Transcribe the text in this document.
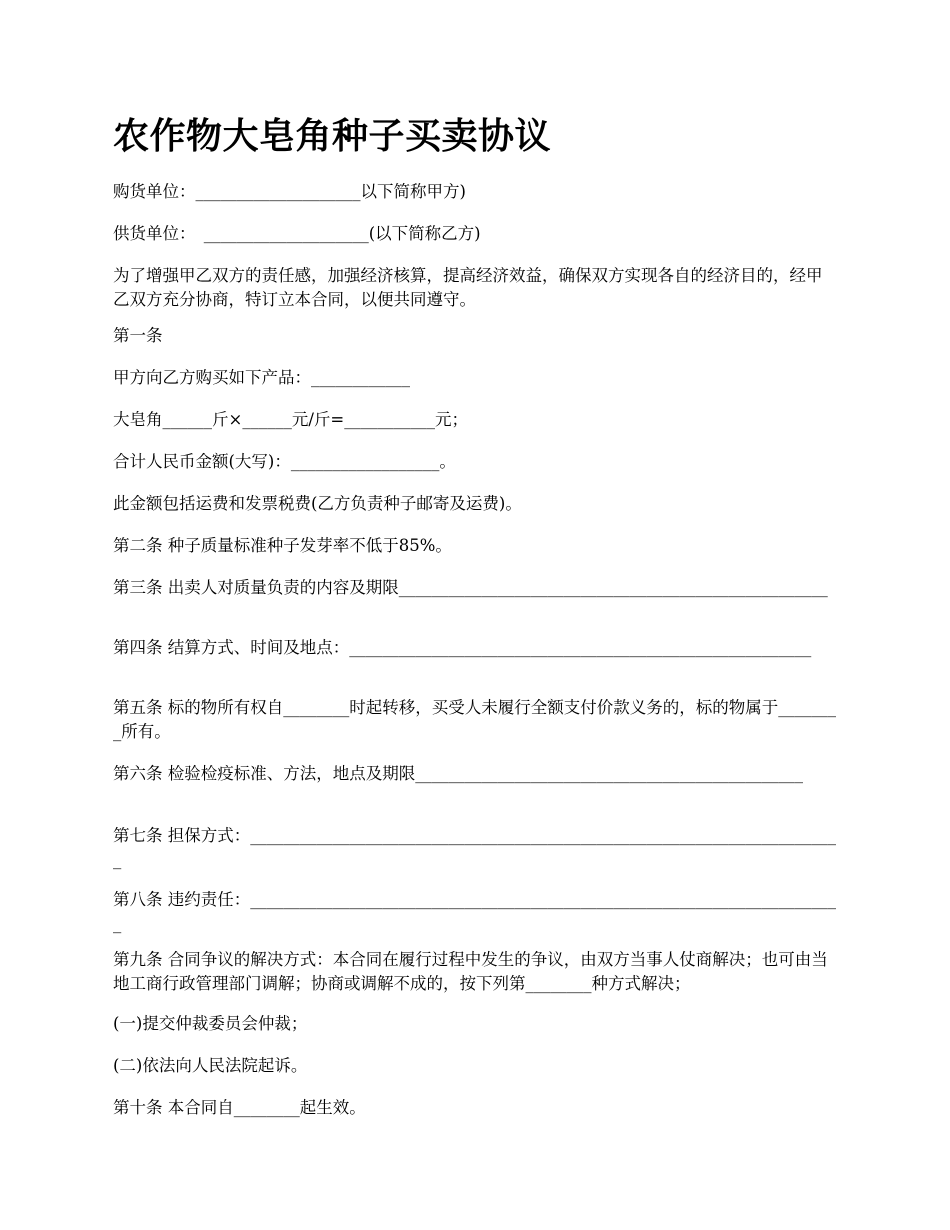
农作物大皂角种子买卖协议

购货单位：____________________以下简称甲方)

供货单位：　____________________(以下简称乙方)

为了增强甲乙双方的责任感，加强经济核算，提高经济效益，确保双方实现各自的经济目的，经甲乙双方充分协商，特订立本合同，以便共同遵守。

第一条

甲方向乙方购买如下产品：____________

大皂角______斤×______元/斤=___________元；

合计人民币金额(大写)：__________________。

此金额包括运费和发票税费(乙方负责种子邮寄及运费)。

第二条 种子质量标准种子发芽率不低于85%。

第三条 出卖人对质量负责的内容及期限____________________________________________________

第四条 结算方式、时间及地点：________________________________________________________

第五条 标的物所有权自________时起转移，买受人未履行全额支付价款义务的，标的物属于________所有。

第六条 检验检疫标准、方法，地点及期限_______________________________________________

第七条 担保方式：________________________________________________________________________

第八条 违约责任：________________________________________________________________________

第九条 合同争议的解决方式：本合同在履行过程中发生的争议，由双方当事人仗商解决；也可由当地工商行政管理部门调解；协商或调解不成的，按下列第________种方式解决；

(一)提交仲裁委员会仲裁；

(二)依法向人民法院起诉。

第十条 本合同自________起生效。
